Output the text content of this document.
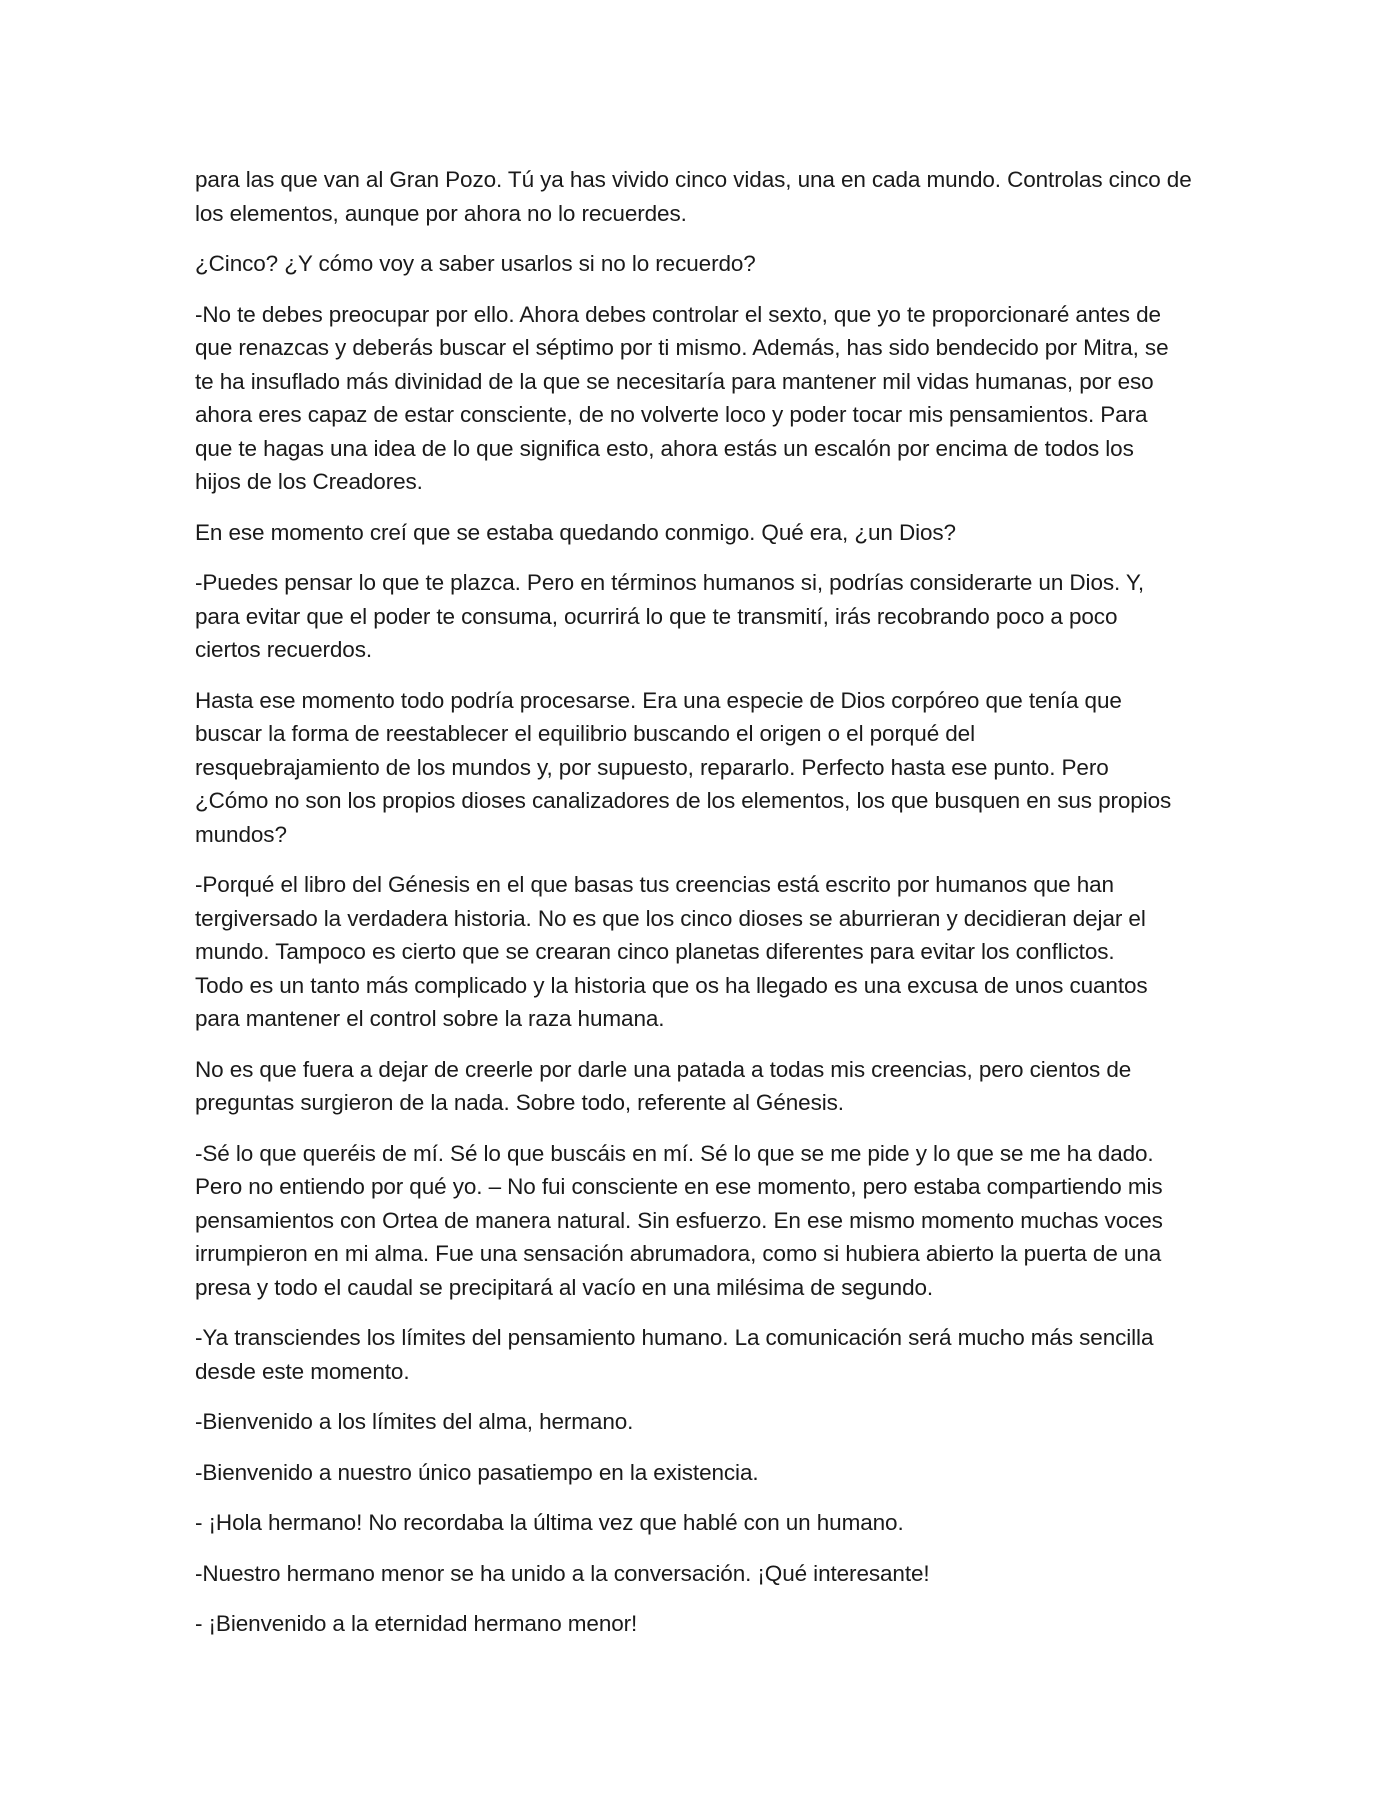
para las que van al Gran Pozo. Tú ya has vivido cinco vidas, una en cada mundo. Controlas cinco de
los elementos, aunque por ahora no lo recuerdes.

¿Cinco? ¿Y cómo voy a saber usarlos si no lo recuerdo?

-No te debes preocupar por ello. Ahora debes controlar el sexto, que yo te proporcionaré antes de
que renazcas y deberás buscar el séptimo por ti mismo. Además, has sido bendecido por Mitra, se
te ha insuflado más divinidad de la que se necesitaría para mantener mil vidas humanas, por eso
ahora eres capaz de estar consciente, de no volverte loco y poder tocar mis pensamientos. Para
que te hagas una idea de lo que significa esto, ahora estás un escalón por encima de todos los
hijos de los Creadores.

En ese momento creí que se estaba quedando conmigo. Qué era, ¿un Dios?

-Puedes pensar lo que te plazca. Pero en términos humanos si, podrías considerarte un Dios. Y,
para evitar que el poder te consuma, ocurrirá lo que te transmití, irás recobrando poco a poco
ciertos recuerdos.

Hasta ese momento todo podría procesarse. Era una especie de Dios corpóreo que tenía que
buscar la forma de reestablecer el equilibrio buscando el origen o el porqué del
resquebrajamiento de los mundos y, por supuesto, repararlo. Perfecto hasta ese punto. Pero
¿Cómo no son los propios dioses canalizadores de los elementos, los que busquen en sus propios
mundos?

-Porqué el libro del Génesis en el que basas tus creencias está escrito por humanos que han
tergiversado la verdadera historia. No es que los cinco dioses se aburrieran y decidieran dejar el
mundo. Tampoco es cierto que se crearan cinco planetas diferentes para evitar los conflictos.
Todo es un tanto más complicado y la historia que os ha llegado es una excusa de unos cuantos
para mantener el control sobre la raza humana.

No es que fuera a dejar de creerle por darle una patada a todas mis creencias, pero cientos de
preguntas surgieron de la nada. Sobre todo, referente al Génesis.

-Sé lo que queréis de mí. Sé lo que buscáis en mí. Sé lo que se me pide y lo que se me ha dado.
Pero no entiendo por qué yo. – No fui consciente en ese momento, pero estaba compartiendo mis
pensamientos con Ortea de manera natural. Sin esfuerzo. En ese mismo momento muchas voces
irrumpieron en mi alma. Fue una sensación abrumadora, como si hubiera abierto la puerta de una
presa y todo el caudal se precipitará al vacío en una milésima de segundo.

-Ya transciendes los límites del pensamiento humano. La comunicación será mucho más sencilla
desde este momento.

-Bienvenido a los límites del alma, hermano.

-Bienvenido a nuestro único pasatiempo en la existencia.

- ¡Hola hermano! No recordaba la última vez que hablé con un humano.

-Nuestro hermano menor se ha unido a la conversación. ¡Qué interesante!

- ¡Bienvenido a la eternidad hermano menor!
